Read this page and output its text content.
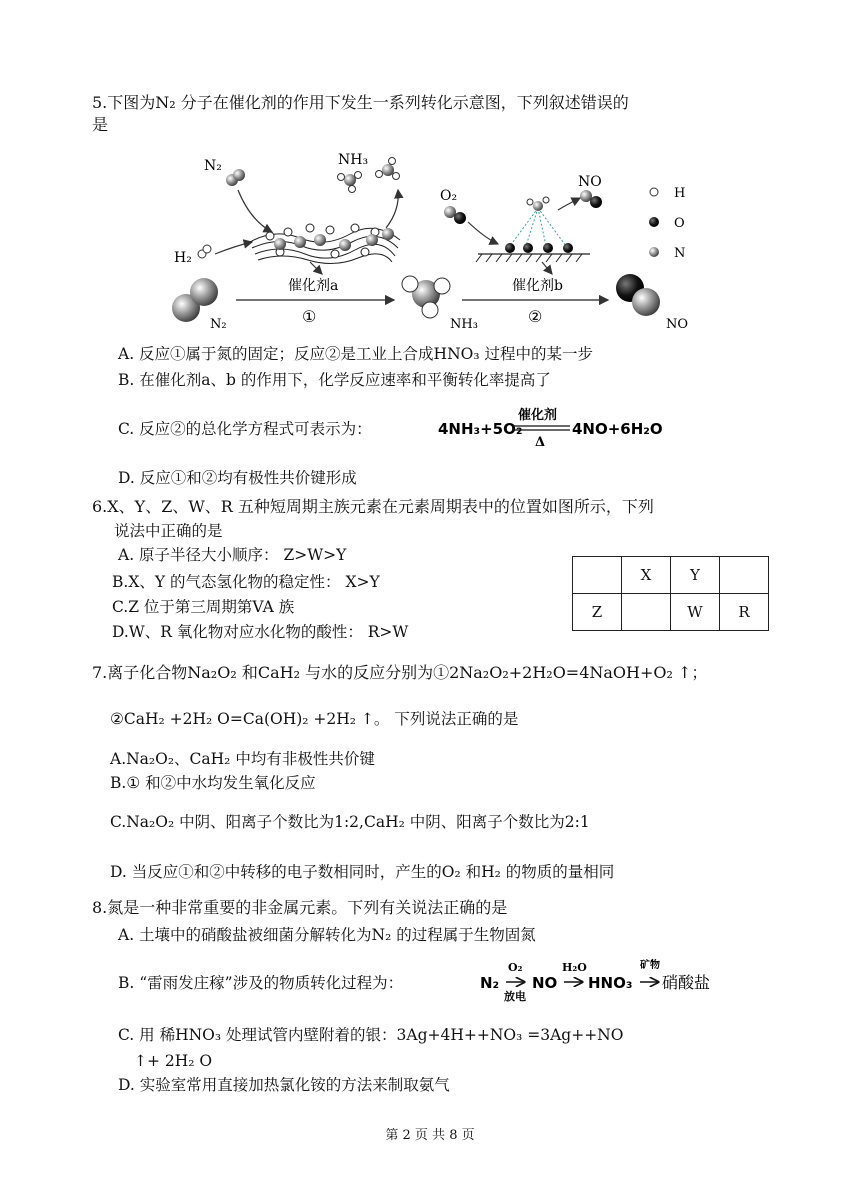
5.下图为N₂ 分子在催化剂的作用下发生一系列转化示意图，下列叙述错误的
是
N₂
H₂
NH₃
O₂
NO
H
O
N
N₂
催化剂a
①	NH₃
催化剂b
②	NO
A. 反应①属于氮的固定；反应②是工业上合成HNO₃ 过程中的某一步
B. 在催化剂a、b 的作用下，化学反应速率和平衡转化率提高了
C. 反应②的总化学方程式可表示为：	4NH₃+5O₂
催化剂
Δ
4NO+6H₂O
D. 反应①和②均有极性共价键形成
6.X、Y、Z、W、R 五种短周期主族元素在元素周期表中的位置如图所示，下列
说法中正确的是
A. 原子半径大小顺序： Z>W>Y
B.X、Y 的气态氢化物的稳定性： X>Y
C.Z 位于第三周期第VA 族
D.W、R 氧化物对应水化物的酸性： R>W
	X	Y	
Z		W	R
7.离子化合物Na₂O₂ 和CaH₂ 与水的反应分别为①2Na₂O₂+2H₂O=4NaOH+O₂ ↑；
②CaH₂ +2H₂ O=Ca(OH)₂ +2H₂ ↑。 下列说法正确的是
A.Na₂O₂、CaH₂ 中均有非极性共价键
B.① 和②中水均发生氧化反应
C.Na₂O₂ 中阴、阳离子个数比为1:2,CaH₂ 中阴、阳离子个数比为2:1
D. 当反应①和②中转移的电子数相同时，产生的O₂ 和H₂ 的物质的量相同
8.氮是一种非常重要的非金属元素。下列有关说法正确的是
A. 土壤中的硝酸盐被细菌分解转化为N₂ 的过程属于生物固氮
B. “雷雨发庄稼”涉及的物质转化过程为：	N₂
O₂
放电
NO
H₂O
HNO₃
矿物
硝酸盐
C. 用 稀HNO₃ 处理试管内壁附着的银：3Ag+4H++NO₃ =3Ag++NO
↑+ 2H₂ O
D. 实验室常用直接加热氯化铵的方法来制取氨气
第 2 页 共 8 页
